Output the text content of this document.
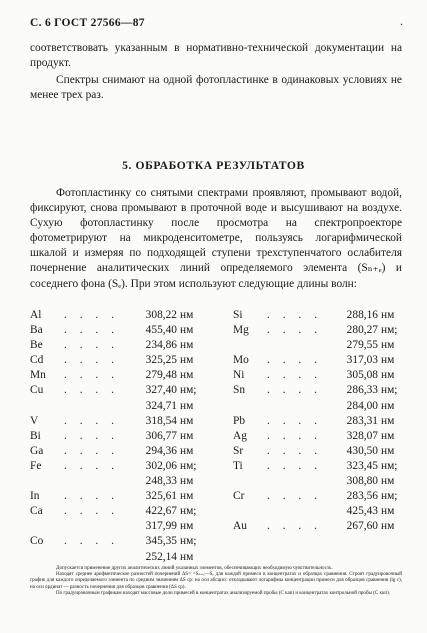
С. 6 ГОСТ 27566—87	.
соответствовать указанным в нормативно-технической документации на продукт.
Спектры снимают на одной фотопластинке в одинаковых условиях не менее трех раз.
5. ОБРАБОТКА РЕЗУЛЬТАТОВ
Фотопластинку со снятыми спектрами проявляют, промывают водой, фиксируют, снова промывают в проточной воде и высушивают на воздухе. Сухую фотопластинку после просмотра на спектропроекторе фотометрируют на микроденситометре, пользуясь логарифмической шкалой и измеряя по подходящей ступени трехступенчатого ослабителя почернение аналитических линий определяемого элемента (Sₙ₊ₑ) и соседнего фона (Sₑ). При этом используют следующие длины волн:
Al . . . . 308,22 нм
Ba . . . . 455,40 нм
Be . . . . 234,86 нм
Cd . . . . 325,25 нм
Mn . . . . 279,48 нм
Cu . . . . 327,40 нм;
324,71 нм
V . . . . 318,54 нм
Bi . . . . 306,77 нм
Ga . . . . 294,36 нм
Fe . . . . 302,06 нм;
248,33 нм
In . . . . 325,61 нм
Ca . . . . 422,67 нм;
317,99 нм
Co . . . . 345,35 нм;
252,14 нм
Si . . . . 288,16 нм
Mg . . . . 280,27 нм;
279,55 нм
Mo . . . . 317,03 нм
Ni . . . . 305,08 нм
Sn . . . . 286,33 нм;
284,00 нм
Pb . . . . 283,31 нм
Ag . . . . 328,07 нм
Sr . . . . 430,50 нм
Ti . . . . 323,45 нм;
308,80 нм
Cr . . . . 283,56 нм;
425,43 нм
Au . . . . 267,60 нм
Допускается применение других аналитических линий указанных элементов, обеспечивающих необходимую чувствительность.
Находят среднее арифметическое разностей почернений ΔS= =Sₙ₊ₑ—Sₑ для каждой примеси в концентратах и образцах сравнения. Строят градуировочный график для каждого определяемого элемента по средним значениям ΔS ср: на оси абсцисс откладывают логарифмы концентрации примеси для образцов сравнения (lg c), на оси ординат — разность почернения для образцов сравнения (ΔS ср).
По градуировочным графикам находят массовые доли примесей в концентратах анализируемой пробы (С кап) и концентратах контрольной пробы (С ккп).
